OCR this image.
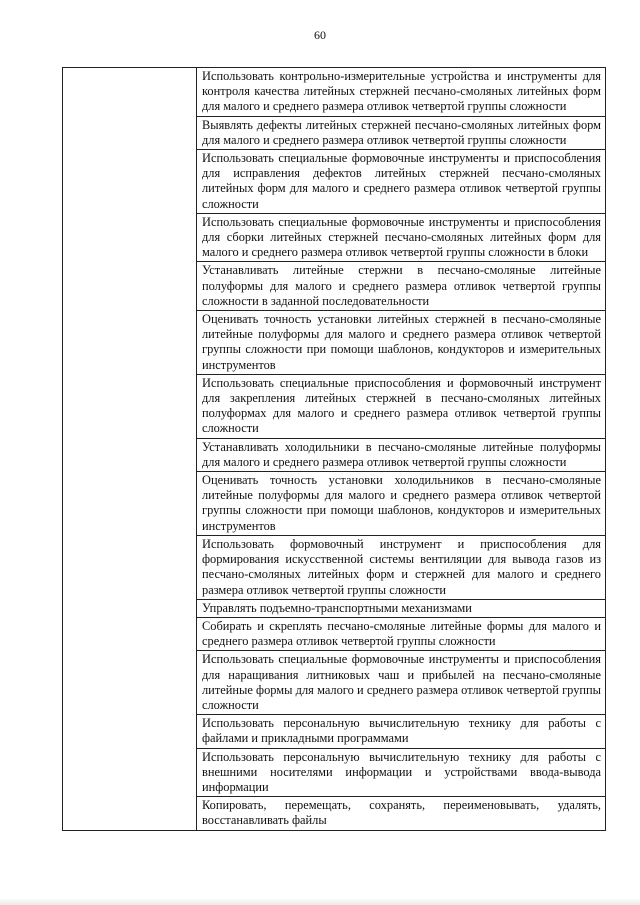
60
	Использовать контрольно-измерительные устройства и инструменты для контроля качества литейных стержней песчано-смоляных литейных форм для малого и среднего размера отливок четвертой группы сложности
Выявлять дефекты литейных стержней песчано-смоляных литейных форм для малого и среднего размера отливок четвертой группы сложности
Использовать специальные формовочные инструменты и приспособления для исправления дефектов литейных стержней песчано-смоляных литейных форм для малого и среднего размера отливок четвертой группы сложности
Использовать специальные формовочные инструменты и приспособления для сборки литейных стержней песчано-смоляных литейных форм для малого и среднего размера отливок четвертой группы сложности в блоки
Устанавливать литейные стержни в песчано-смоляные литейные полуформы для малого и среднего размера отливок четвертой группы сложности в заданной последовательности
Оценивать точность установки литейных стержней в песчано-смоляные литейные полуформы для малого и среднего размера отливок четвертой группы сложности при помощи шаблонов, кондукторов и измерительных инструментов
Использовать специальные приспособления и формовочный инструмент для закрепления литейных стержней в песчано-смоляных литейных полуформах для малого и среднего размера отливок четвертой группы сложности
Устанавливать холодильники в песчано-смоляные литейные полуформы для малого и среднего размера отливок четвертой группы сложности
Оценивать точность установки холодильников в песчано-смоляные литейные полуформы для малого и среднего размера отливок четвертой группы сложности при помощи шаблонов, кондукторов и измерительных инструментов
Использовать формовочный инструмент и приспособления для формирования искусственной системы вентиляции для вывода газов из песчано-смоляных литейных форм и стержней для малого и среднего размера отливок четвертой группы сложности
Управлять подъемно-транспортными механизмами
Собирать и скреплять песчано-смоляные литейные формы для малого и среднего размера отливок четвертой группы сложности
Использовать специальные формовочные инструменты и приспособления для наращивания литниковых чаш и прибылей на песчано-смоляные литейные формы для малого и среднего размера отливок четвертой группы сложности
Использовать персональную вычислительную технику для работы с файлами и прикладными программами
Использовать персональную вычислительную технику для работы с внешними носителями информации и устройствами ввода-вывода информации
Копировать, перемещать, сохранять, переименовывать, удалять, восстанавливать файлы
